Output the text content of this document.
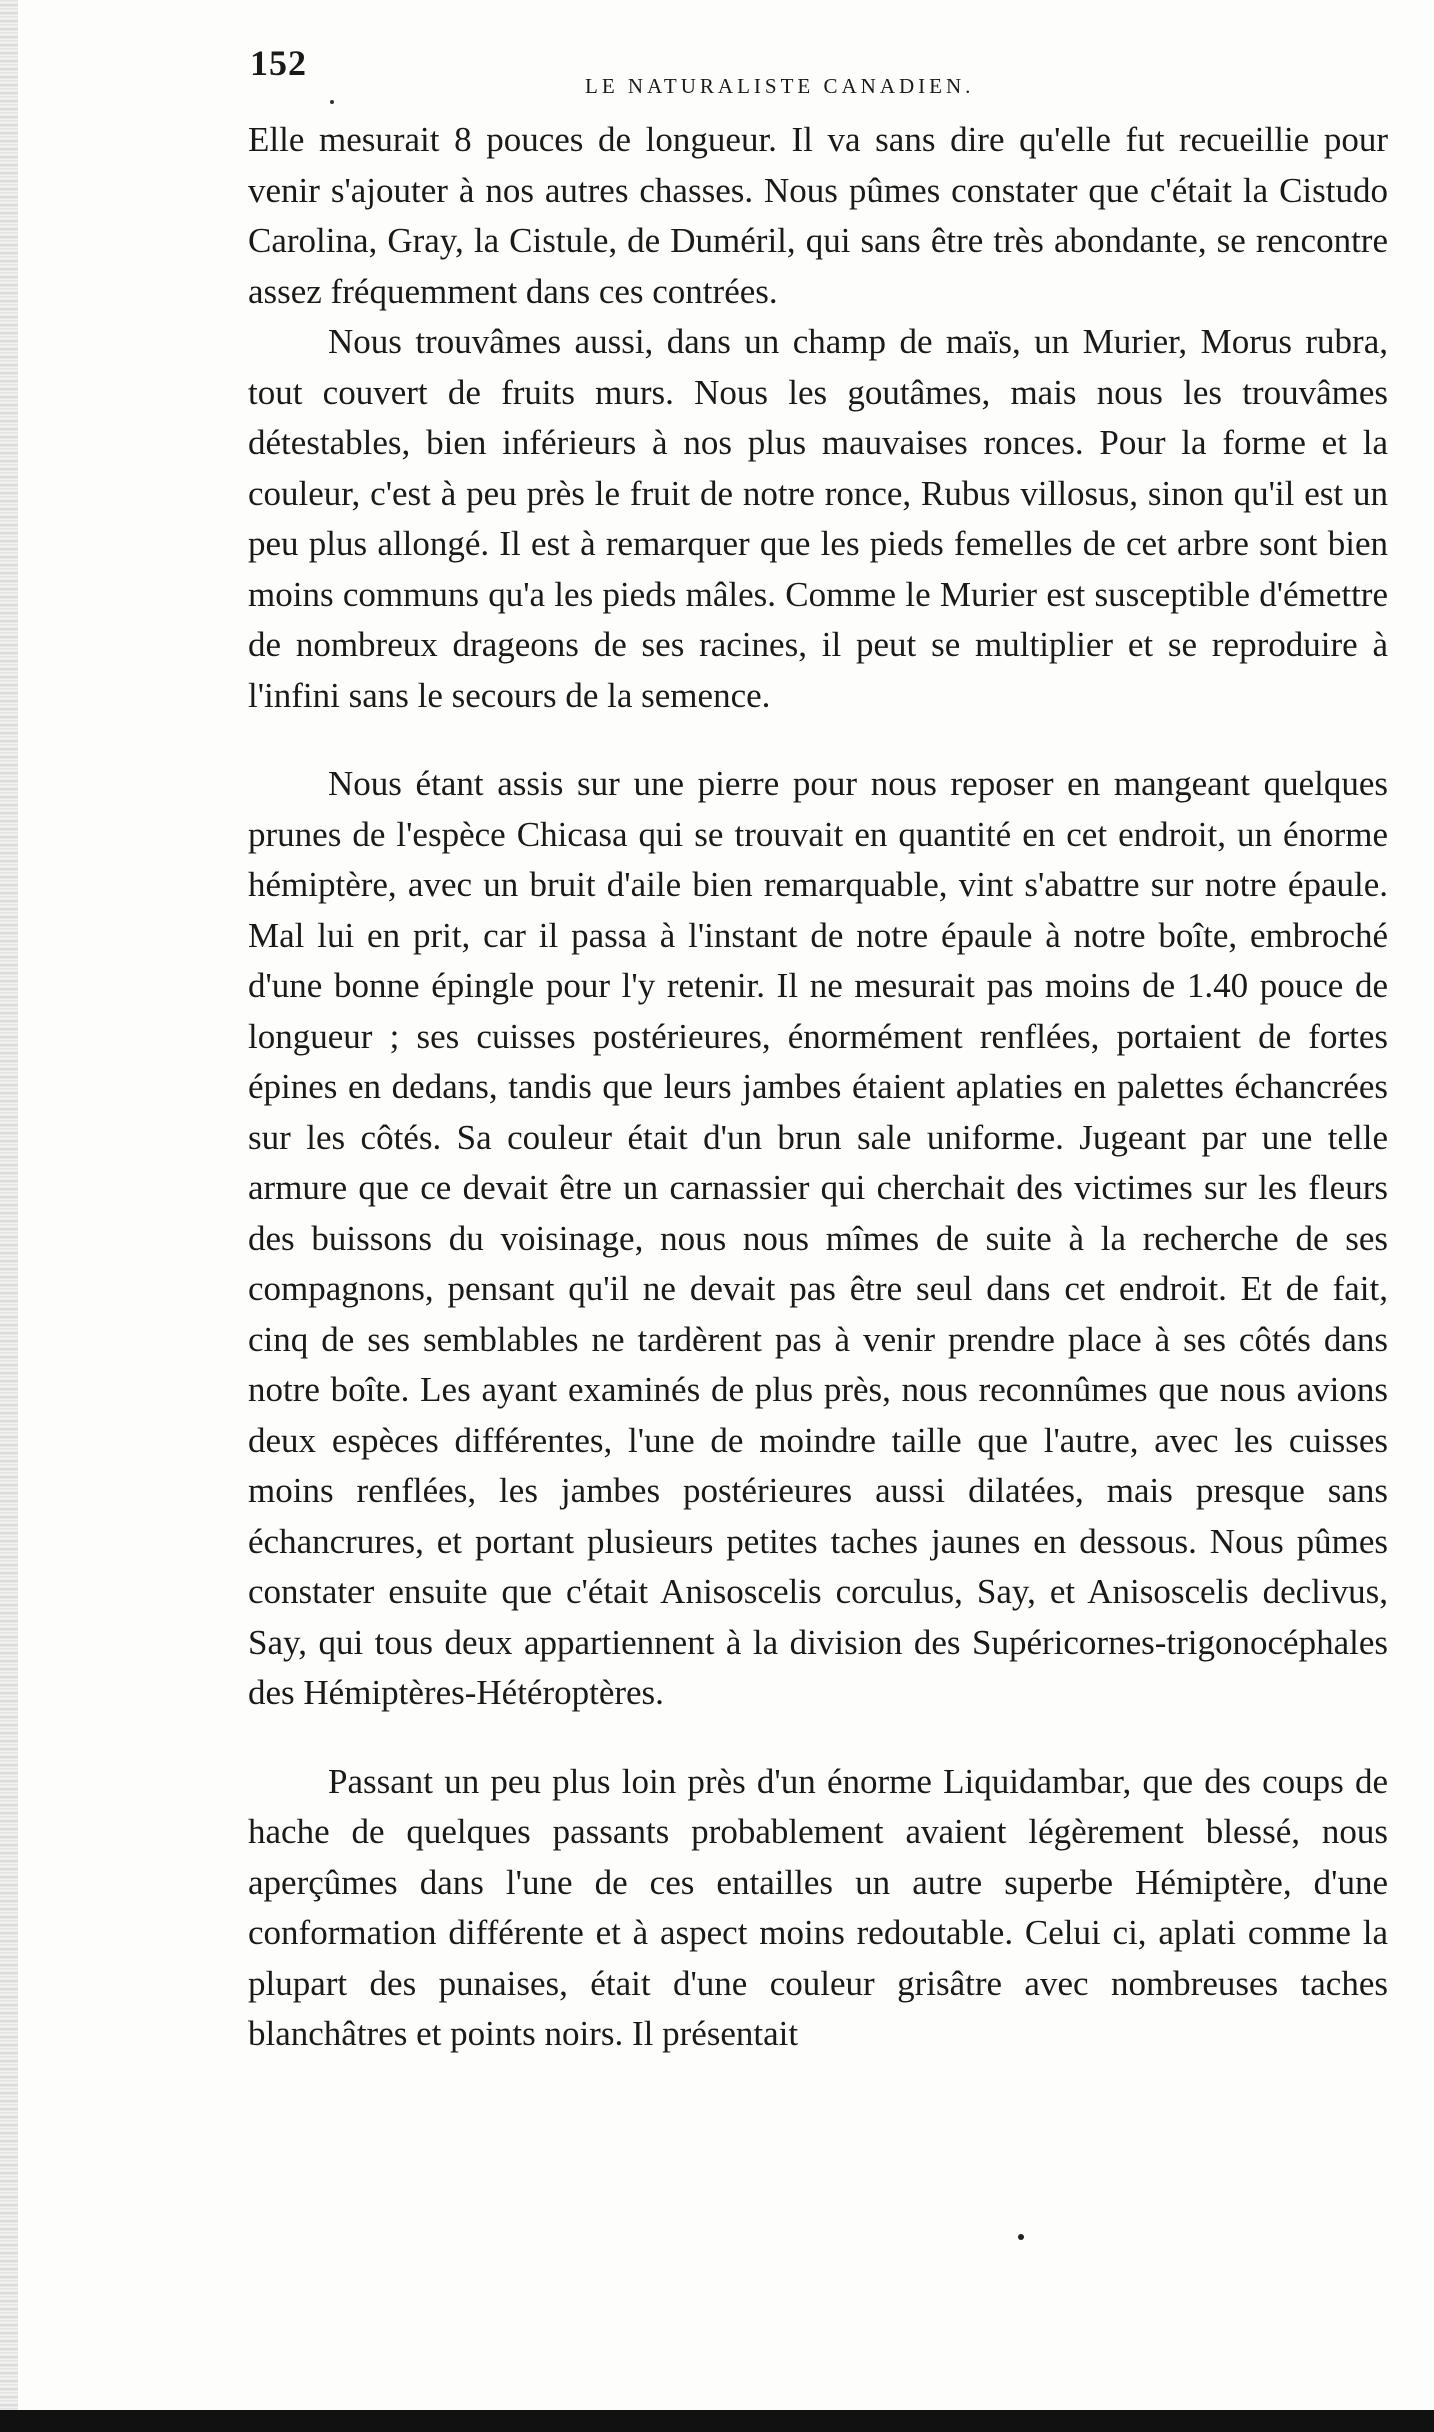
152
LE NATURALISTE CANADIEN.

Elle mesurait 8 pouces de longueur. Il va sans dire qu'elle fut recueillie pour venir s'ajouter à nos autres chasses. Nous pûmes constater que c'était la Cistudo Carolina, Gray, la Cistule, de Duméril, qui sans être très abondante, se rencontre assez fréquemment dans ces contrées.

Nous trouvâmes aussi, dans un champ de maïs, un Murier, Morus rubra, tout couvert de fruits murs. Nous les goutâmes, mais nous les trouvâmes détestables, bien inférieurs à nos plus mauvaises ronces. Pour la forme et la couleur, c'est à peu près le fruit de notre ronce, Rubus villosus, sinon qu'il est un peu plus allongé. Il est à remarquer que les pieds femelles de cet arbre sont bien moins communs qu'a les pieds mâles. Comme le Murier est susceptible d'émettre de nombreux drageons de ses racines, il peut se multiplier et se reproduire à l'infini sans le secours de la semence.

Nous étant assis sur une pierre pour nous reposer en mangeant quelques prunes de l'espèce Chicasa qui se trouvait en quantité en cet endroit, un énorme hémiptère, avec un bruit d'aile bien remarquable, vint s'abattre sur notre épaule. Mal lui en prit, car il passa à l'instant de notre épaule à notre boîte, embroché d'une bonne épingle pour l'y retenir. Il ne mesurait pas moins de 1.40 pouce de longueur ; ses cuisses postérieures, énormément renflées, portaient de fortes épines en dedans, tandis que leurs jambes étaient aplaties en palettes échancrées sur les côtés. Sa couleur était d'un brun sale uniforme. Jugeant par une telle armure que ce devait être un carnassier qui cherchait des victimes sur les fleurs des buissons du voisinage, nous nous mîmes de suite à la recherche de ses compagnons, pensant qu'il ne devait pas être seul dans cet endroit. Et de fait, cinq de ses semblables ne tardèrent pas à venir prendre place à ses côtés dans notre boîte. Les ayant examinés de plus près, nous reconnûmes que nous avions deux espèces différentes, l'une de moindre taille que l'autre, avec les cuisses moins renflées, les jambes postérieures aussi dilatées, mais presque sans échancrures, et portant plusieurs petites taches jaunes en dessous. Nous pûmes constater ensuite que c'était Anisoscelis corculus, Say, et Anisoscelis declivus, Say, qui tous deux appartiennent à la division des Supéricornes-trigonocéphales des Hémiptères-Hétéroptères.

Passant un peu plus loin près d'un énorme Liquidambar, que des coups de hache de quelques passants probablement avaient légèrement blessé, nous aperçûmes dans l'une de ces entailles un autre superbe Hémiptère, d'une conformation différente et à aspect moins redoutable. Celui ci, aplati comme la plupart des punaises, était d'une couleur grisâtre avec nombreuses taches blanchâtres et points noirs. Il présentait
